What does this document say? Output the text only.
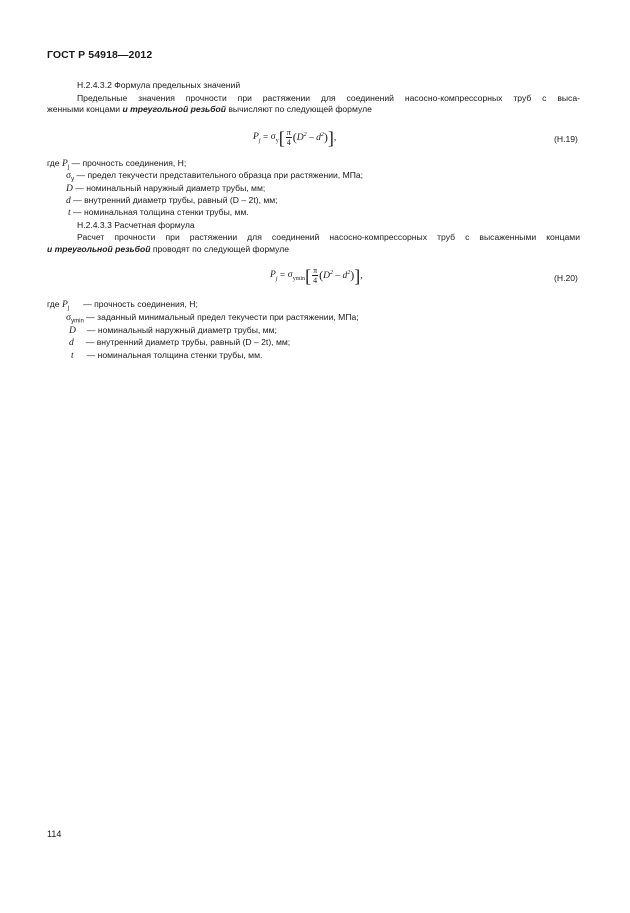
ГОСТ Р 54918—2012
Н.2.4.3.2 Формула предельных значений
Предельные значения прочности при растяжении для соединений насосно-компрессорных труб с выса-
женными концами и треугольной резьбой вычисляют по следующей формуле
$P_j = \sigma_y$ [ $\frac{\pi}{4}$ ( $D^2 - d^2$ ) ] ,	(Н.19)
где $P_j$ — прочность соединения, Н;
$\sigma_y$ — предел текучести представительного образца при растяжении, МПа;
D — номинальный наружный диаметр трубы, мм;
d — внутренний диаметр трубы, равный (D – 2t), мм;
t — номинальная толщина стенки трубы, мм.
Н.2.4.3.3 Расчетная формула
Расчет прочности при растяжении для соединений насосно-компрессорных труб с высаженными концами
и треугольной резьбой проводят по следующей формуле
$P_j = \sigma_{ymin}$ [ $\frac{\pi}{4}$ ( $D^2 - d^2$ ) ] ,	(Н.20)
где $P_j$ — прочность соединения, Н;
$\sigma_{ymin}$ — заданный минимальный предел текучести при растяжении, МПа;
D — номинальный наружный диаметр трубы, мм;
d — внутренний диаметр трубы, равный (D – 2t), мм;
t — номинальная толщина стенки трубы, мм.
114
